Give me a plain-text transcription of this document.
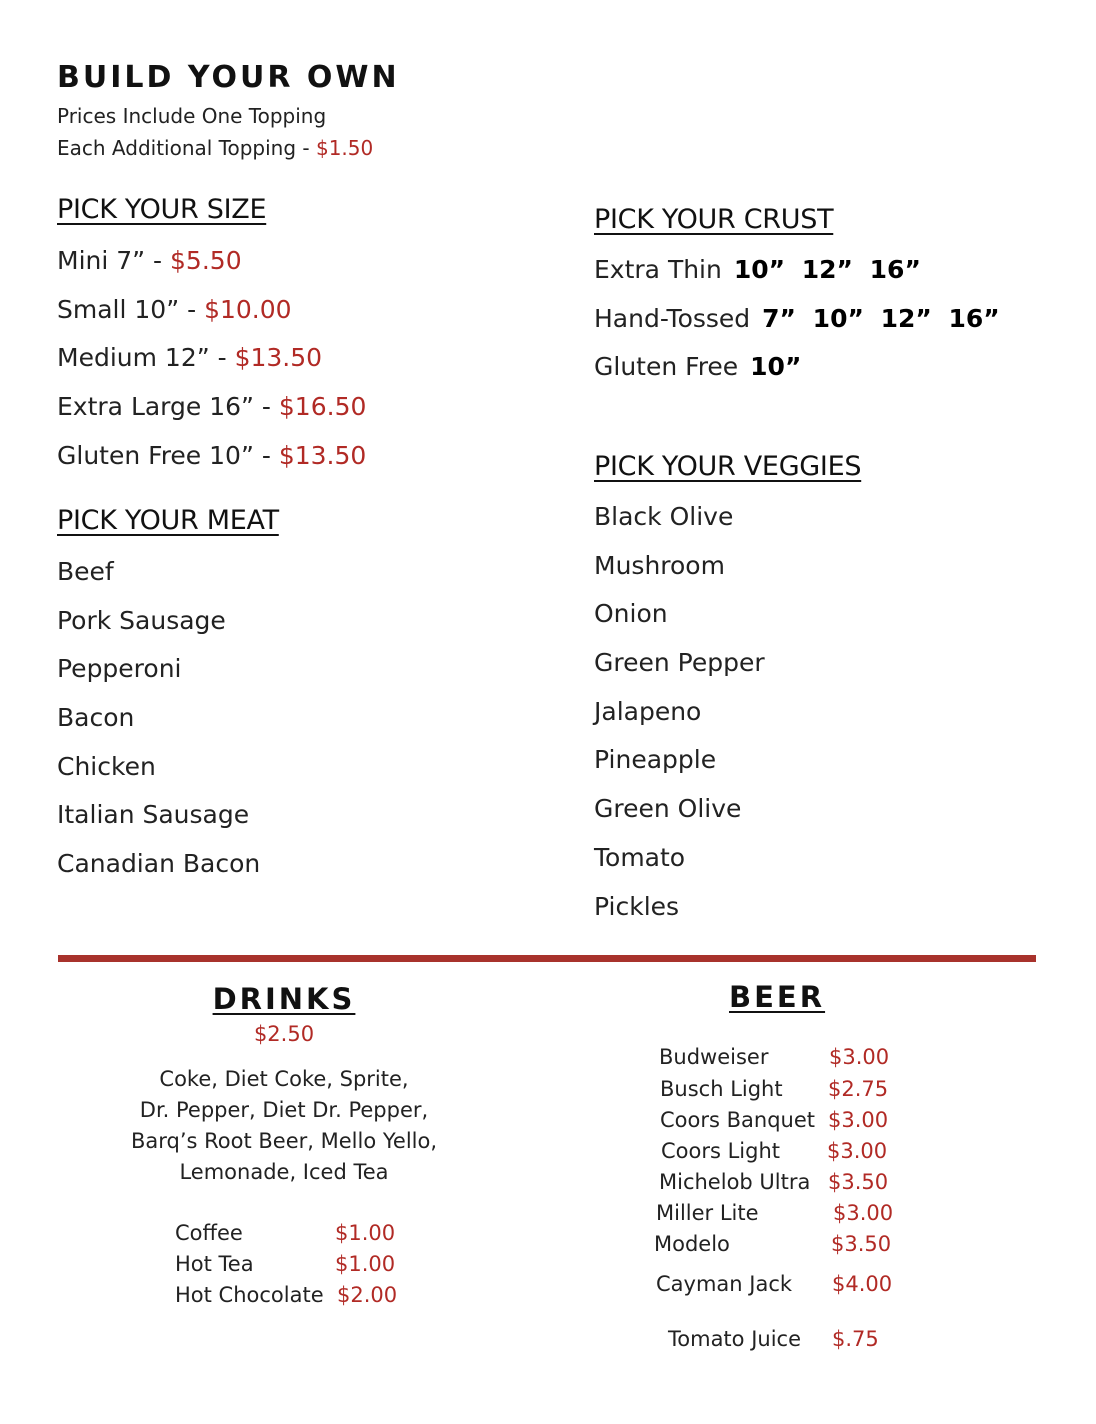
BUILD YOUR OWN
Prices Include One Topping
Each Additional Topping - $1.50
PICK YOUR SIZE
Mini 7” - $5.50
Small 10” - $10.00
Medium 12” - $13.50
Extra Large 16” - $16.50
Gluten Free 10” - $13.50
PICK YOUR CRUST
Extra Thin 10” 12” 16”
Hand-Tossed 7” 10” 12” 16”
Gluten Free 10”
PICK YOUR MEAT
Beef
Pork Sausage
Pepperoni
Bacon
Chicken
Italian Sausage
Canadian Bacon
PICK YOUR VEGGIES
Black Olive
Mushroom
Onion
Green Pepper
Jalapeno
Pineapple
Green Olive
Tomato
Pickles
DRINKS
$2.50
Coke, Diet Coke, Sprite,
Dr. Pepper, Diet Dr. Pepper,
Barq’s Root Beer, Mello Yello,
Lemonade, Iced Tea
Coffee	$1.00
Hot Tea	$1.00
Hot Chocolate $2.00
BEER
Budweiser	$3.00
Busch Light $2.75
Coors Banquet $3.00
Coors Light $3.00
Michelob Ultra $3.50
Miller Lite	$3.00
Modelo	$3.50
Cayman Jack $4.00
Tomato Juice $.75
